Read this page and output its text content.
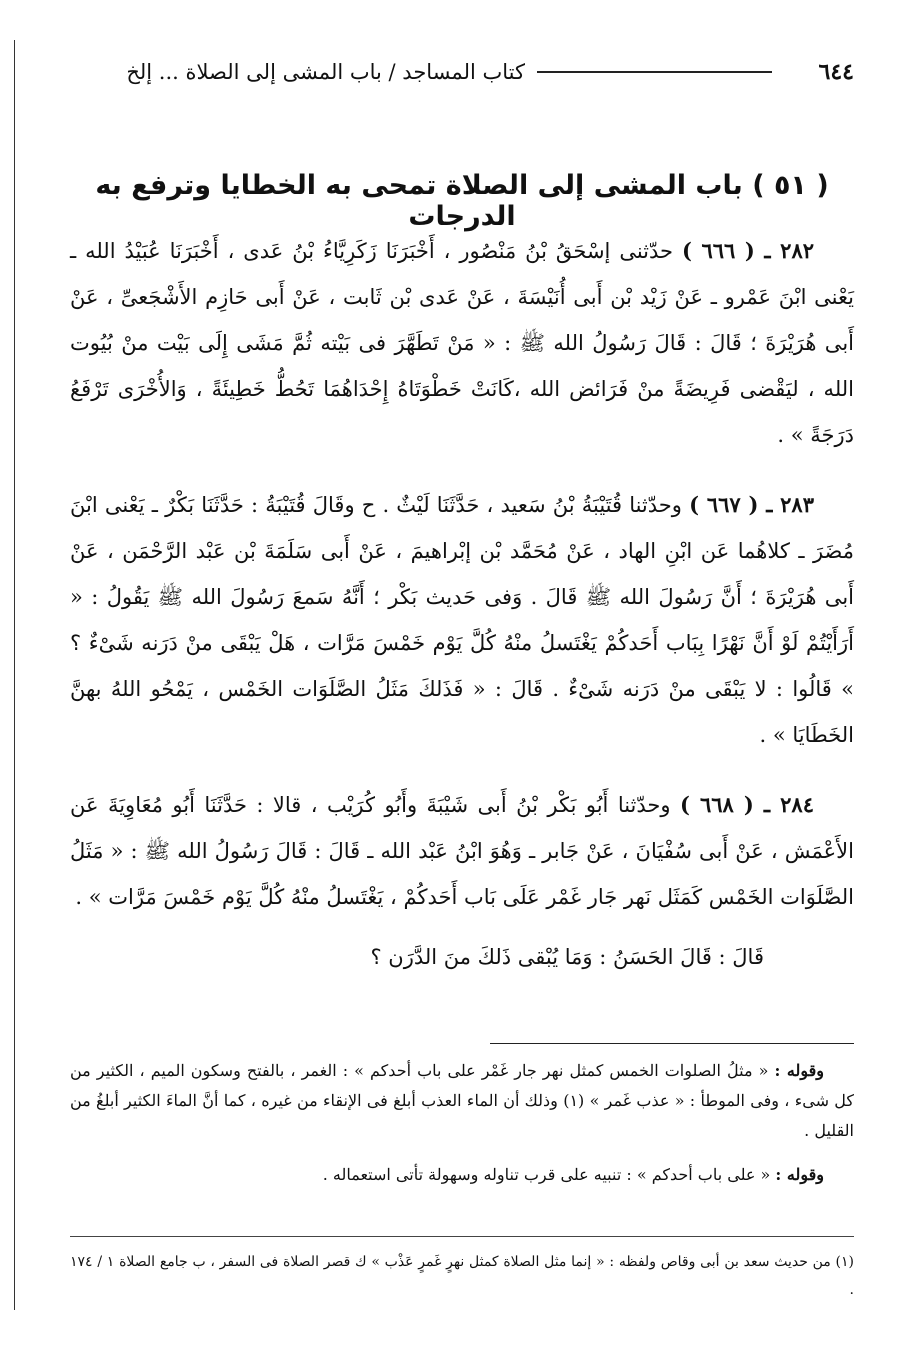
٦٤٤
كتاب المساجد / باب المشى إلى الصلاة ... إلخ
( ٥١ ) باب المشى إلى الصلاة تمحى به الخطايا وترفع به الدرجات

٢٨٢ ـ ( ٦٦٦ ) حدّثنى إسْحَقُ بْنُ مَنْصُور ، أَخْبَرَنَا زَكَرِيَّاءُ بْنُ عَدى ، أَخْبَرَنَا عُبَيْدُ الله ـ يَعْنى ابْنَ عَمْرو ـ عَنْ زَيْد بْن أَبى أُنَيْسَةَ ، عَنْ عَدى بْن ثَابت ، عَنْ أَبى حَازِم الأَشْجَعىِّ ، عَنْ أَبى هُرَيْرَةَ ؛ قَالَ : قَالَ رَسُولُ الله ﷺ : « مَنْ تَطَهَّرَ فى بَيْته ثُمَّ مَشَى إِلَى بَيْت منْ بُيُوت الله ، ليَقْضى فَرِيضَةً منْ فَرَائض الله ،كَانَتْ خَطْوَتَاهُ إِحْدَاهُمَا تَحُطُّ خَطِيئَةً ، وَالأُخْرَى تَرْفَعُ دَرَجَةً » .

٢٨٣ ـ ( ٦٦٧ ) وحدّثنا قُتَيْبَةُ بْنُ سَعيد ، حَدَّثَنَا لَيْثٌ . ح وقَالَ قُتَيْبَةُ : حَدَّثَنَا بَكْرٌ ـ يَعْنى ابْنَ مُضَرَ ـ كلاهُما عَن ابْنِ الهاد ، عَنْ مُحَمَّد بْن إبْراهيمَ ، عَنْ أَبى سَلَمَةَ بْن عَبْد الرَّحْمَن ، عَنْ أَبى هُرَيْرَةَ ؛ أَنَّ رَسُولَ الله ﷺ قَالَ . وَفى حَديث بَكْر ؛ أَنَّهُ سَمعَ رَسُولَ الله ﷺ يَقُولُ : « أَرَأَيْتُمْ لَوْ أَنَّ نَهْرًا بِبَاب أَحَدكُمْ يَغْتَسلُ منْهُ كُلَّ يَوْم خَمْسَ مَرَّات ، هَلْ يَبْقَى منْ دَرَنه شَىْءٌ ؟ » قَالُوا : لا يَبْقَى منْ دَرَنه شَىْءٌ . قَالَ : « فَذَلكَ مَثَلُ الصَّلَوَات الخَمْس ، يَمْحُو اللهُ بهنَّ الخَطَايَا » .

٢٨٤ ـ ( ٦٦٨ ) وحدّثنا أَبُو بَكْر بْنُ أَبى شَيْبَةَ وأَبُو كُرَيْب ، قالا : حَدَّثَنَا أَبُو مُعَاوِيَةَ عَن الأَعْمَش ، عَنْ أَبى سُفْيَانَ ، عَنْ جَابر ـ وَهُوَ ابْنُ عَبْد الله ـ قَالَ : قَالَ رَسُولُ الله ﷺ : « مَثَلُ الصَّلَوَات الخَمْس كَمَثَل نَهر جَار غَمْر عَلَى بَاب أَحَدكُمْ ، يَغْتَسلُ منْهُ كُلَّ يَوْم خَمْسَ مَرَّات » .

قَالَ : قَالَ الحَسَنُ : وَمَا يُبْقى ذَلكَ منَ الدَّرَن ؟

وقوله : « مثلُ الصلوات الخمس كمثل نهر جار غَمْر على باب أحدكم » : الغمر ، بالفتح وسكون الميم ، الكثير من كل شىء ، وفى الموطأ : « عذب غَمر » (١) وذلك أن الماء العذب أبلغ فى الإنقاء من غيره ، كما أنَّ الماءَ الكثير أبلغُ من القليل .

وقوله : « على باب أحدكم » : تنبيه على قرب تناوله وسهولة تأتى استعماله .

(١) من حديث سعد بن أبى وقاص ولفظه : « إنما مثل الصلاة كمثل نهرٍ غَمرٍ عَذْب » ك قصر الصلاة فى السفر ، ب جامع الصلاة ١ / ١٧٤ .
